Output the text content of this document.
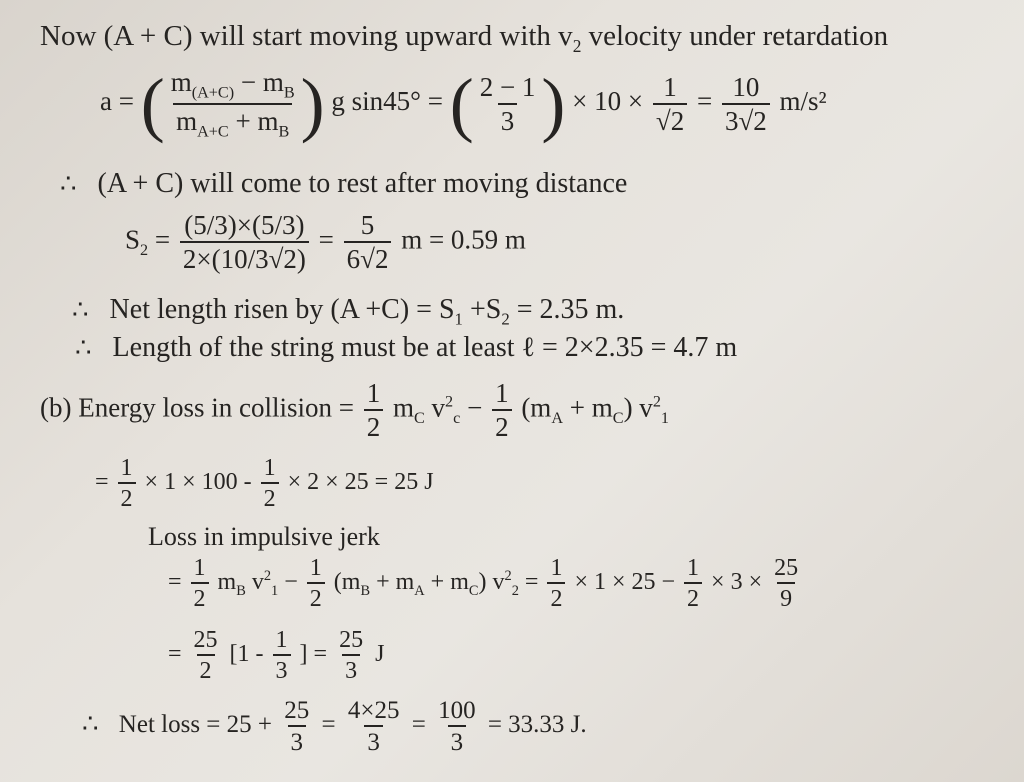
Now (A + C) will start moving upward with $v_2$ velocity under retardation
a = ( $\frac{m_{(A+C)} - m_B}{m_{A+C} + m_B}$ ) g sin45° = ( $\frac{2 - 1}{3}$ ) × $10 \times \frac{1}{√2} = \frac{10}{3√2} m/s^2$
∴ (A + C) will come to rest after moving distance
$S_2 = \frac{(5/3)\times(5/3)}{2\times(10/3√2)} = \frac{5}{6√2}$ m = 0.59 m
∴ Net length risen by $(A +C) = S_1 +S_2 = 2.35$ m.
∴ Length of the string must be at least ℓ = 2×2.35 = 4.7 m
(b) Energy loss in collision = $\frac{1}{2} m_C$ $v^2_c - \frac{1}{2} (m_A + m_C)$ $v^2_1$
= $\frac{1}{2} \times 1 \times 100 - \frac{1}{2} \times 2 \times 25 = 25$ J
Loss in impulsive jerk
= $\frac{1}{2} m_B$ $v^2_1 - \frac{1}{2} (m_B + m_A + m_C) v^2_2 = \frac{1}{2} \times 1 \times 25 - \frac{1}{2} \times 3 \times \frac{25}{9}$
= $\frac{25}{2} [1 - \frac{1}{3}$ ] = $\frac{25}{3}$ J
∴ Net loss = $25 + \frac{25}{3} = \frac{4\times 25}{3} = \frac{100}{3} = 33.33$ J.
